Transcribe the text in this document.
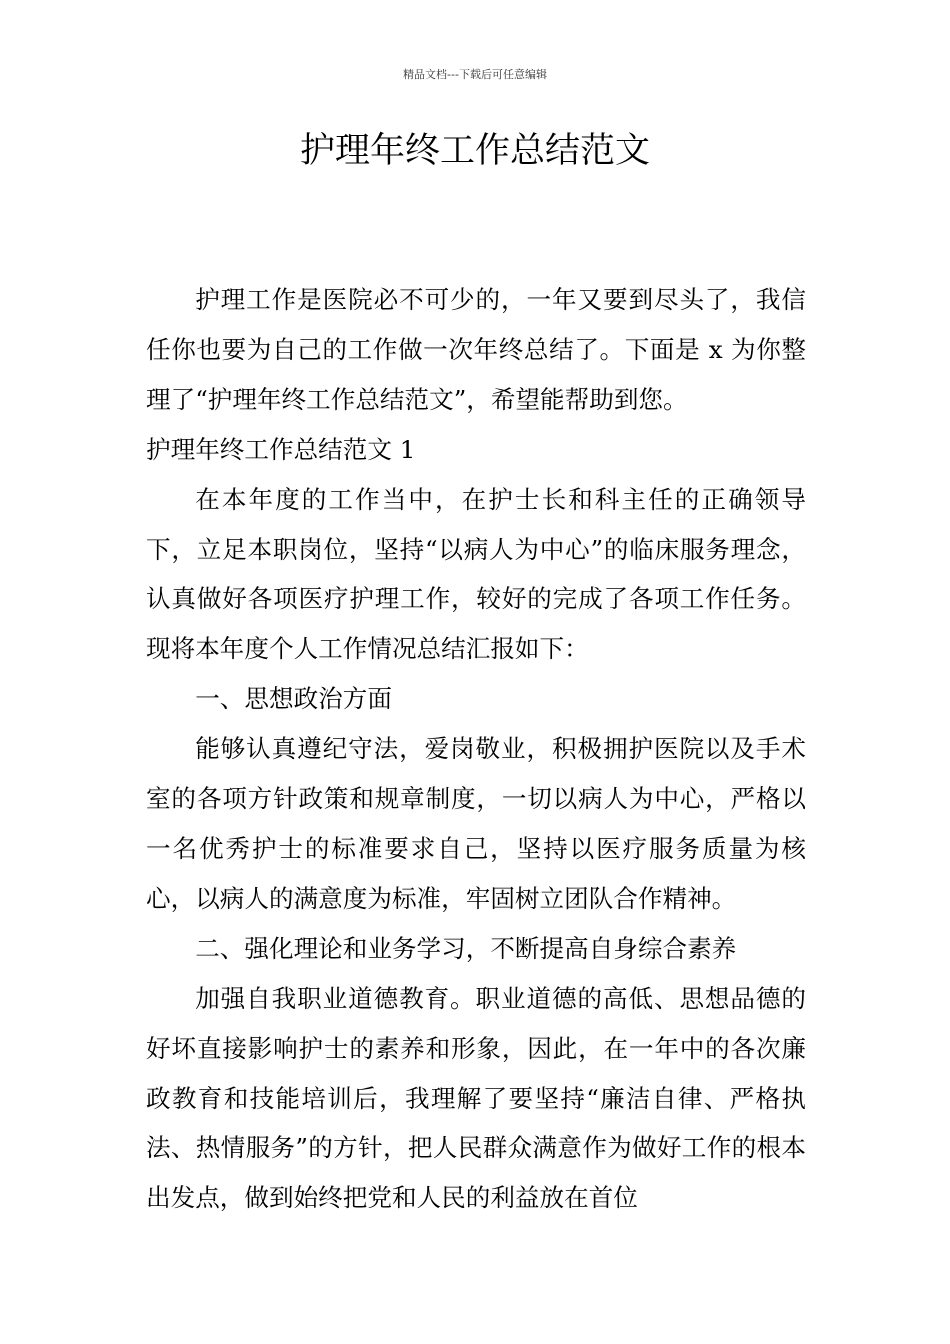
精品文档---下载后可任意编辑
护理年终工作总结范文

护理工作是医院必不可少的，一年又要到尽头了，我信任你也要为自己的工作做一次年终总结了。下面是 x 为你整理了“护理年终工作总结范文”，希望能帮助到您。

护理年终工作总结范文 1

在本年度的工作当中，在护士长和科主任的正确领导下，立足本职岗位，坚持“以病人为中心”的临床服务理念，认真做好各项医疗护理工作，较好的完成了各项工作任务。现将本年度个人工作情况总结汇报如下：

一、思想政治方面

能够认真遵纪守法，爱岗敬业，积极拥护医院以及手术室的各项方针政策和规章制度，一切以病人为中心，严格以一名优秀护士的标准要求自己，坚持以医疗服务质量为核心，以病人的满意度为标准，牢固树立团队合作精神。

二、强化理论和业务学习，不断提高自身综合素养

加强自我职业道德教育。职业道德的高低、思想品德的好坏直接影响护士的素养和形象，因此，在一年中的各次廉政教育和技能培训后，我理解了要坚持“廉洁自律、严格执法、热情服务”的方针，把人民群众满意作为做好工作的根本出发点，做到始终把党和人民的利益放在首位
